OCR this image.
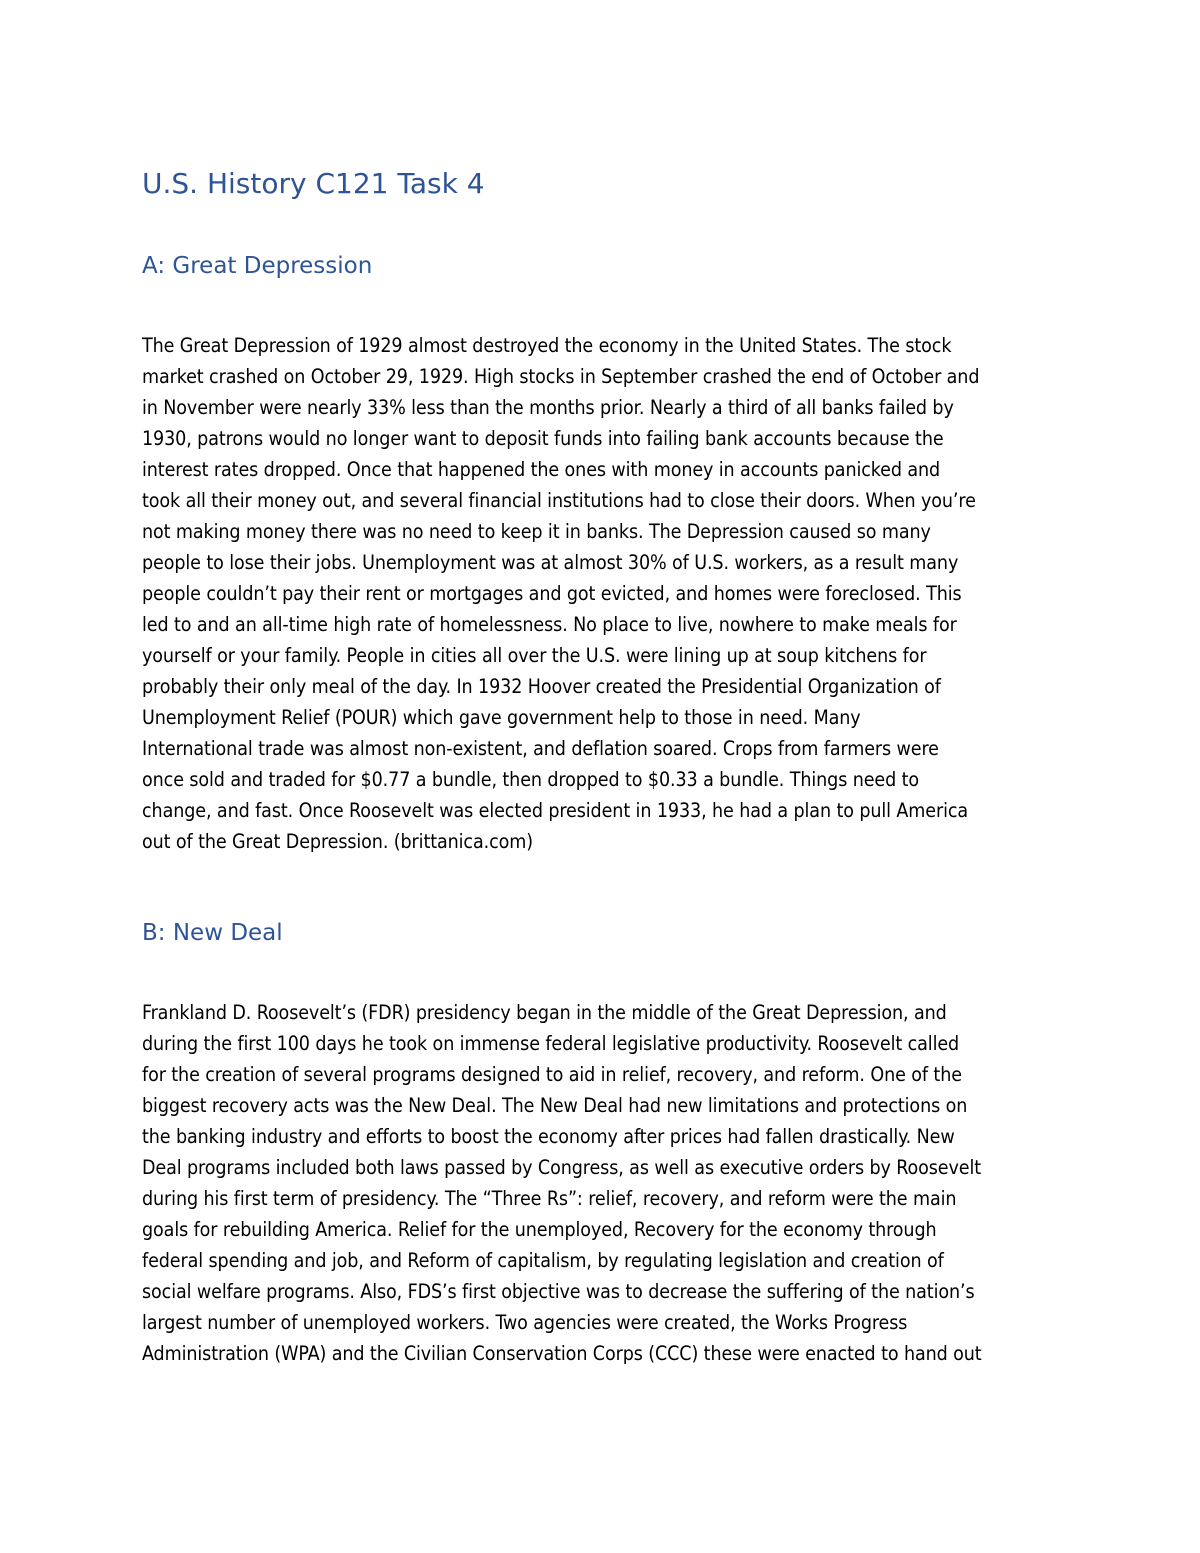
U.S. History C121 Task 4
A: Great Depression
The Great Depression of 1929 almost destroyed the economy in the United States. The stock
market crashed on October 29, 1929. High stocks in September crashed the end of October and
in November were nearly 33% less than the months prior. Nearly a third of all banks failed by
1930, patrons would no longer want to deposit funds into failing bank accounts because the
interest rates dropped. Once that happened the ones with money in accounts panicked and
took all their money out, and several financial institutions had to close their doors. When you’re
not making money there was no need to keep it in banks. The Depression caused so many
people to lose their jobs. Unemployment was at almost 30% of U.S. workers, as a result many
people couldn’t pay their rent or mortgages and got evicted, and homes were foreclosed. This
led to and an all-time high rate of homelessness. No place to live, nowhere to make meals for
yourself or your family. People in cities all over the U.S. were lining up at soup kitchens for
probably their only meal of the day. In 1932 Hoover created the Presidential Organization of
Unemployment Relief (POUR) which gave government help to those in need. Many
International trade was almost non-existent, and deflation soared. Crops from farmers were
once sold and traded for $0.77 a bundle, then dropped to $0.33 a bundle. Things need to
change, and fast. Once Roosevelt was elected president in 1933, he had a plan to pull America
out of the Great Depression. (brittanica.com)
B: New Deal
Frankland D. Roosevelt’s (FDR) presidency began in the middle of the Great Depression, and
during the first 100 days he took on immense federal legislative productivity. Roosevelt called
for the creation of several programs designed to aid in relief, recovery, and reform. One of the
biggest recovery acts was the New Deal. The New Deal had new limitations and protections on
the banking industry and efforts to boost the economy after prices had fallen drastically. New
Deal programs included both laws passed by Congress, as well as executive orders by Roosevelt
during his first term of presidency. The “Three Rs”: relief, recovery, and reform were the main
goals for rebuilding America. Relief for the unemployed, Recovery for the economy through
federal spending and job, and Reform of capitalism, by regulating legislation and creation of
social welfare programs. Also, FDS’s first objective was to decrease the suffering of the nation’s
largest number of unemployed workers. Two agencies were created, the Works Progress
Administration (WPA) and the Civilian Conservation Corps (CCC) these were enacted to hand out
